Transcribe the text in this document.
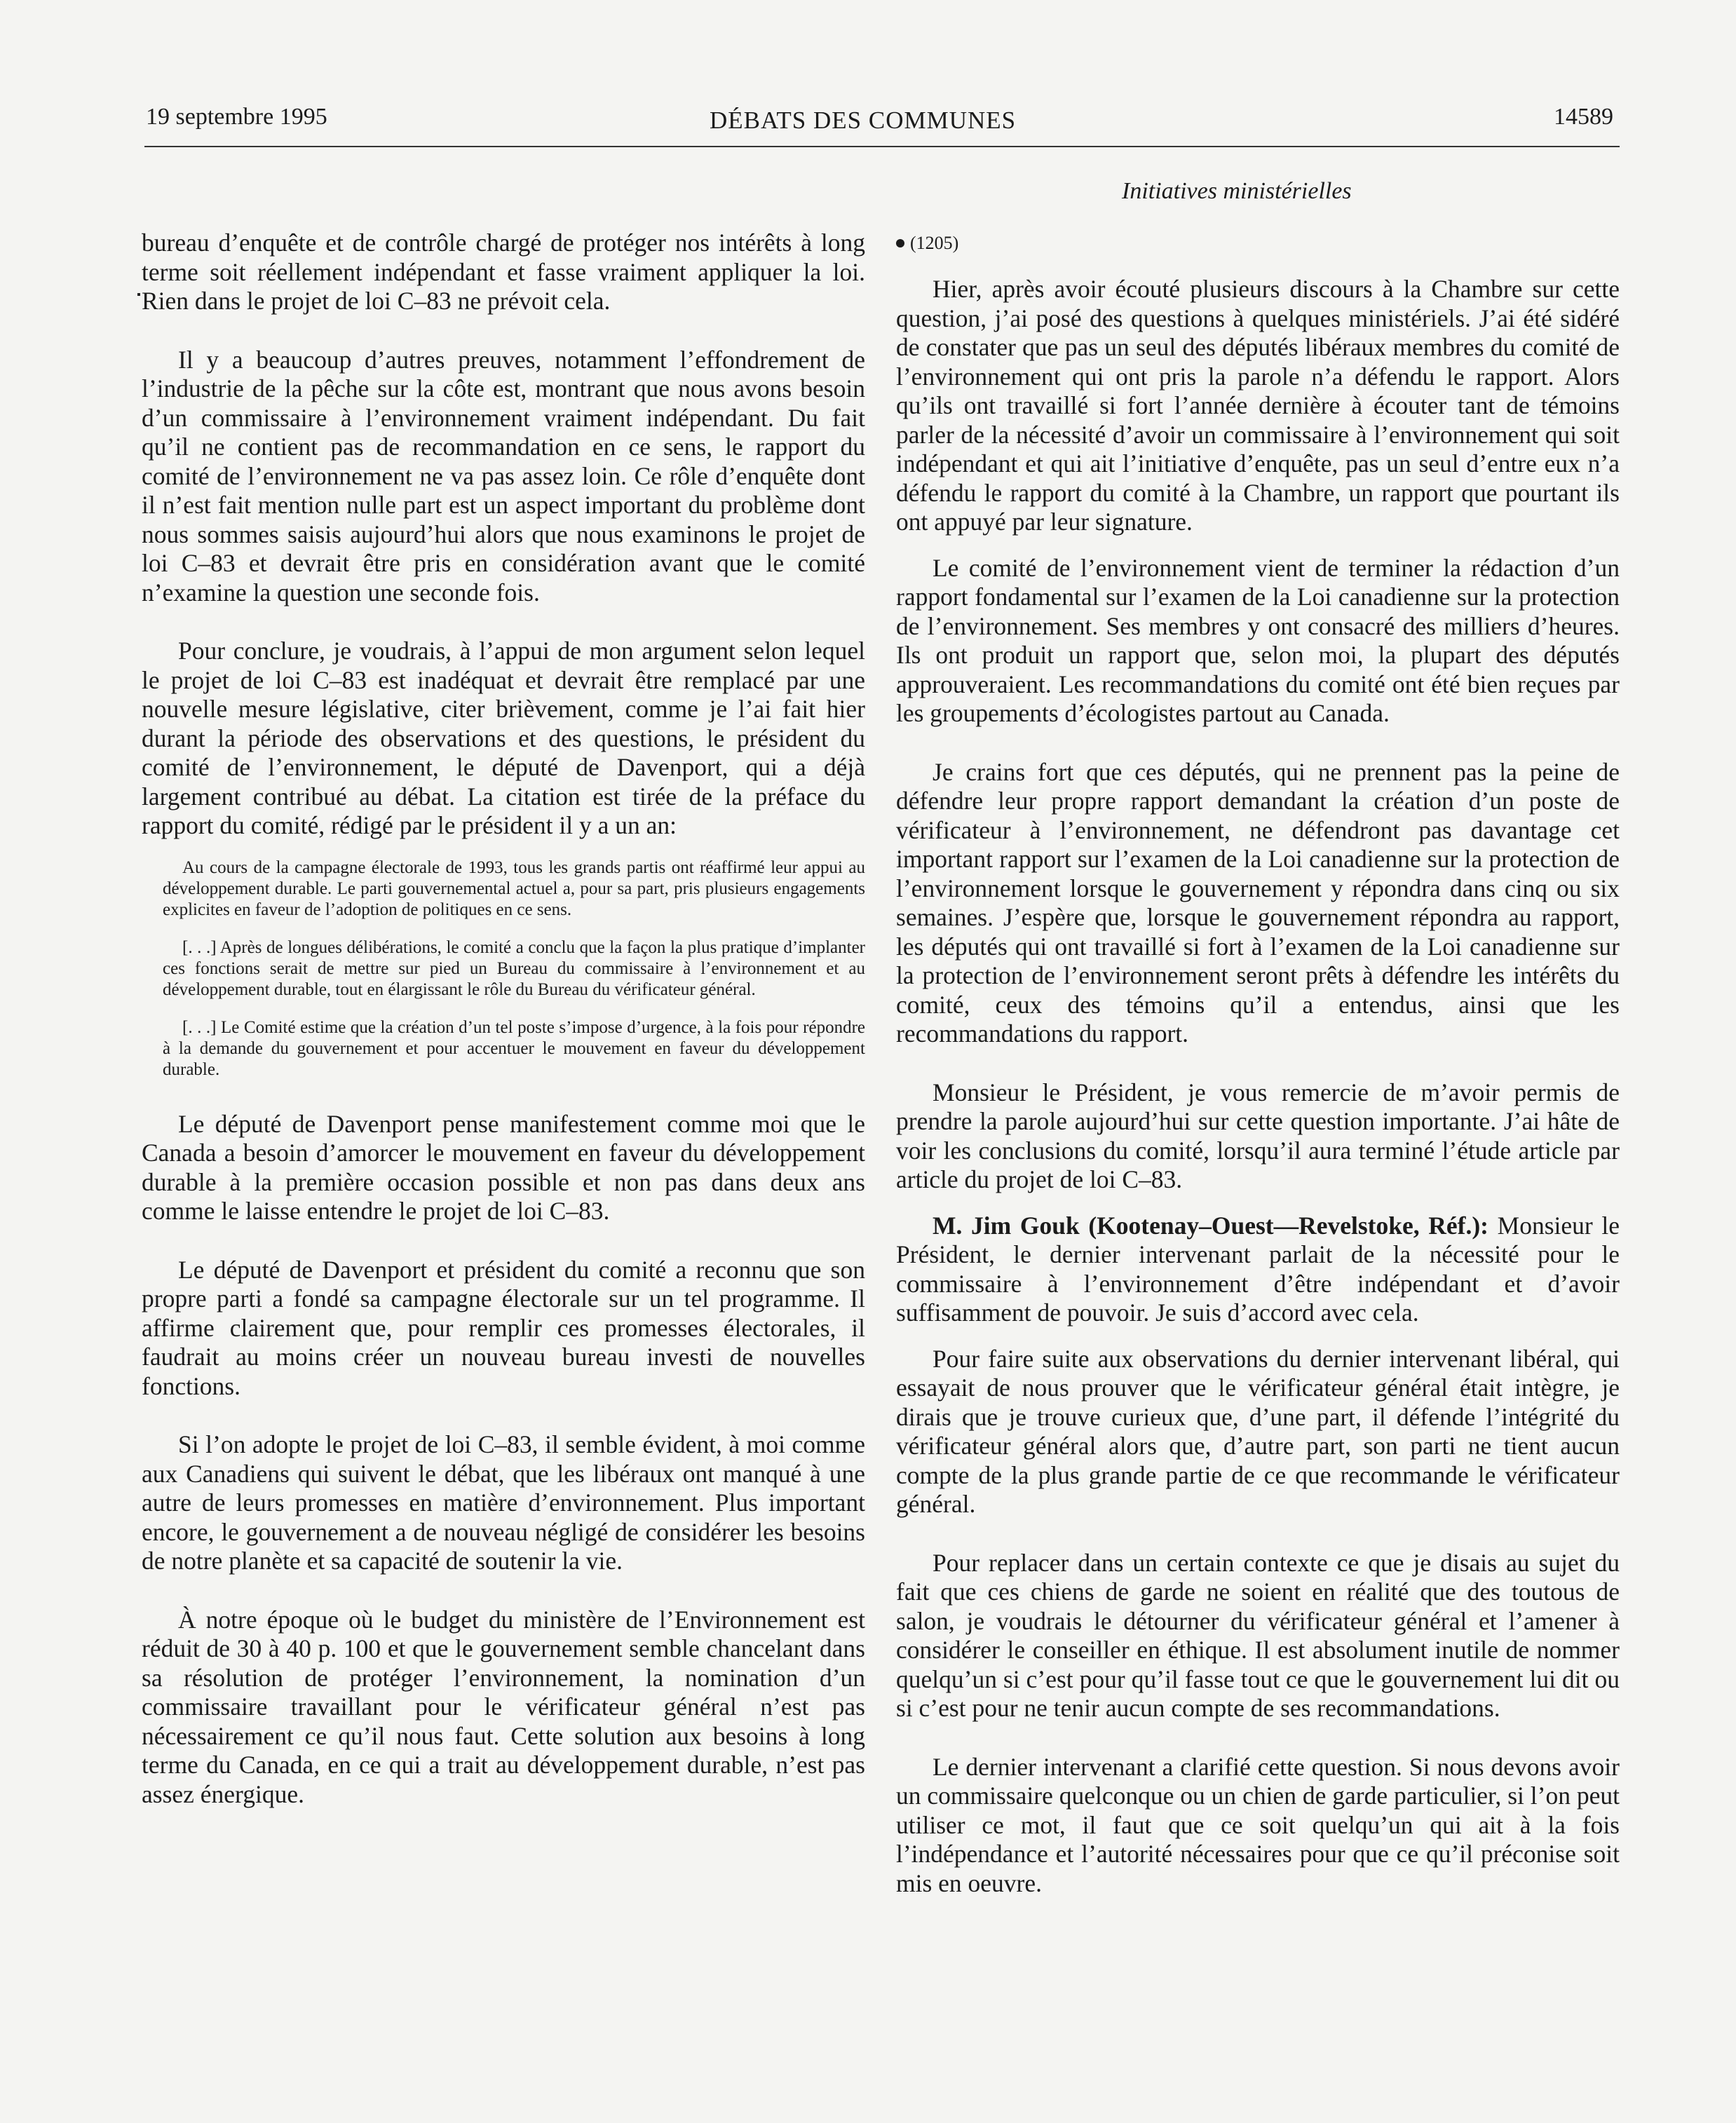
19 septembre 1995	DÉBATS DES COMMUNES	14589
Initiatives ministérielles

bureau d’enquête et de contrôle chargé de protéger nos intérêts à long terme soit réellement indépendant et fasse vraiment appliquer la loi. Rien dans le projet de loi C–83 ne prévoit cela.

Il y a beaucoup d’autres preuves, notamment l’effondrement de l’industrie de la pêche sur la côte est, montrant que nous avons besoin d’un commissaire à l’environnement vraiment indépendant. Du fait qu’il ne contient pas de recommandation en ce sens, le rapport du comité de l’environnement ne va pas assez loin. Ce rôle d’enquête dont il n’est fait mention nulle part est un aspect important du problème dont nous sommes saisis aujourd’hui alors que nous examinons le projet de loi C–83 et devrait être pris en considération avant que le comité n’examine la question une seconde fois.

Pour conclure, je voudrais, à l’appui de mon argument selon lequel le projet de loi C–83 est inadéquat et devrait être remplacé par une nouvelle mesure législative, citer brièvement, comme je l’ai fait hier durant la période des observations et des questions, le président du comité de l’environnement, le député de Davenport, qui a déjà largement contribué au débat. La citation est tirée de la préface du rapport du comité, rédigé par le président il y a un an:

Au cours de la campagne électorale de 1993, tous les grands partis ont réaffirmé leur appui au développement durable. Le parti gouvernemental actuel a, pour sa part, pris plusieurs engagements explicites en faveur de l’adoption de politiques en ce sens.

[. . .] Après de longues délibérations, le comité a conclu que la façon la plus pratique d’implanter ces fonctions serait de mettre sur pied un Bureau du commissaire à l’environnement et au développement durable, tout en élargissant le rôle du Bureau du vérificateur général.

[. . .] Le Comité estime que la création d’un tel poste s’impose d’urgence, à la fois pour répondre à la demande du gouvernement et pour accentuer le mouvement en faveur du développement durable.

Le député de Davenport pense manifestement comme moi que le Canada a besoin d’amorcer le mouvement en faveur du développement durable à la première occasion possible et non pas dans deux ans comme le laisse entendre le projet de loi C–83.

Le député de Davenport et président du comité a reconnu que son propre parti a fondé sa campagne électorale sur un tel programme. Il affirme clairement que, pour remplir ces promesses électorales, il faudrait au moins créer un nouveau bureau investi de nouvelles fonctions.

Si l’on adopte le projet de loi C–83, il semble évident, à moi comme aux Canadiens qui suivent le débat, que les libéraux ont manqué à une autre de leurs promesses en matière d’environnement. Plus important encore, le gouvernement a de nouveau négligé de considérer les besoins de notre planète et sa capacité de soutenir la vie.

À notre époque où le budget du ministère de l’Environnement est réduit de 30 à 40 p. 100 et que le gouvernement semble chancelant dans sa résolution de protéger l’environnement, la nomination d’un commissaire travaillant pour le vérificateur général n’est pas nécessairement ce qu’il nous faut. Cette solution aux besoins à long terme du Canada, en ce qui a trait au développement durable, n’est pas assez énergique.

(1205)

Hier, après avoir écouté plusieurs discours à la Chambre sur cette question, j’ai posé des questions à quelques ministériels. J’ai été sidéré de constater que pas un seul des députés libéraux membres du comité de l’environnement qui ont pris la parole n’a défendu le rapport. Alors qu’ils ont travaillé si fort l’année dernière à écouter tant de témoins parler de la nécessité d’avoir un commissaire à l’environnement qui soit indépendant et qui ait l’initiative d’enquête, pas un seul d’entre eux n’a défendu le rapport du comité à la Chambre, un rapport que pourtant ils ont appuyé par leur signature.

Le comité de l’environnement vient de terminer la rédaction d’un rapport fondamental sur l’examen de la Loi canadienne sur la protection de l’environnement. Ses membres y ont consacré des milliers d’heures. Ils ont produit un rapport que, selon moi, la plupart des députés approuveraient. Les recommandations du comité ont été bien reçues par les groupements d’écologistes partout au Canada.

Je crains fort que ces députés, qui ne prennent pas la peine de défendre leur propre rapport demandant la création d’un poste de vérificateur à l’environnement, ne défendront pas davantage cet important rapport sur l’examen de la Loi canadienne sur la protection de l’environnement lorsque le gouvernement y répondra dans cinq ou six semaines. J’espère que, lorsque le gouvernement répondra au rapport, les députés qui ont travaillé si fort à l’examen de la Loi canadienne sur la protection de l’environnement seront prêts à défendre les intérêts du comité, ceux des témoins qu’il a entendus, ainsi que les recommandations du rapport.

Monsieur le Président, je vous remercie de m’avoir permis de prendre la parole aujourd’hui sur cette question importante. J’ai hâte de voir les conclusions du comité, lorsqu’il aura terminé l’étude article par article du projet de loi C–83.

M. Jim Gouk (Kootenay–Ouest—Revelstoke, Réf.): Monsieur le Président, le dernier intervenant parlait de la nécessité pour le commissaire à l’environnement d’être indépendant et d’avoir suffisamment de pouvoir. Je suis d’accord avec cela.

Pour faire suite aux observations du dernier intervenant libéral, qui essayait de nous prouver que le vérificateur général était intègre, je dirais que je trouve curieux que, d’une part, il défende l’intégrité du vérificateur général alors que, d’autre part, son parti ne tient aucun compte de la plus grande partie de ce que recommande le vérificateur général.

Pour replacer dans un certain contexte ce que je disais au sujet du fait que ces chiens de garde ne soient en réalité que des toutous de salon, je voudrais le détourner du vérificateur général et l’amener à considérer le conseiller en éthique. Il est absolument inutile de nommer quelqu’un si c’est pour qu’il fasse tout ce que le gouvernement lui dit ou si c’est pour ne tenir aucun compte de ses recommandations.

Le dernier intervenant a clarifié cette question. Si nous devons avoir un commissaire quelconque ou un chien de garde particulier, si l’on peut utiliser ce mot, il faut que ce soit quelqu’un qui ait à la fois l’indépendance et l’autorité nécessaires pour que ce qu’il préconise soit mis en oeuvre.
